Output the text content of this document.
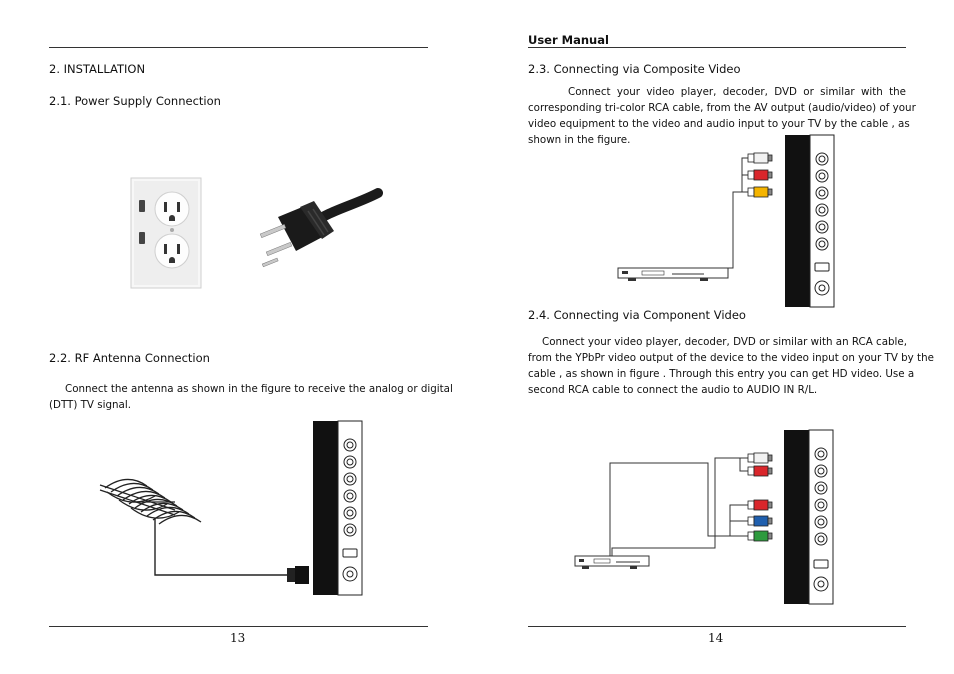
2. INSTALLATION
2.1. Power Supply Connection
2.2. RF Antenna Connection
Connect the antenna as shown in the figure to receive the analog or digital
(DTT) TV signal.
13
User Manual
2.3. Connecting via Composite Video
Connect your video player, decoder, DVD or similar with the
corresponding tri-color RCA cable, from the AV output (audio/video) of your
video equipment to the video and audio input to your TV by the cable , as
shown in the figure.
2.4. Connecting via Component Video
Connect your video player, decoder, DVD or similar with an RCA cable,
from the YPbPr video output of the device to the video input on your TV by the
cable , as shown in figure . Through this entry you can get HD video. Use a
second RCA cable to connect the audio to AUDIO IN R/L.
14
